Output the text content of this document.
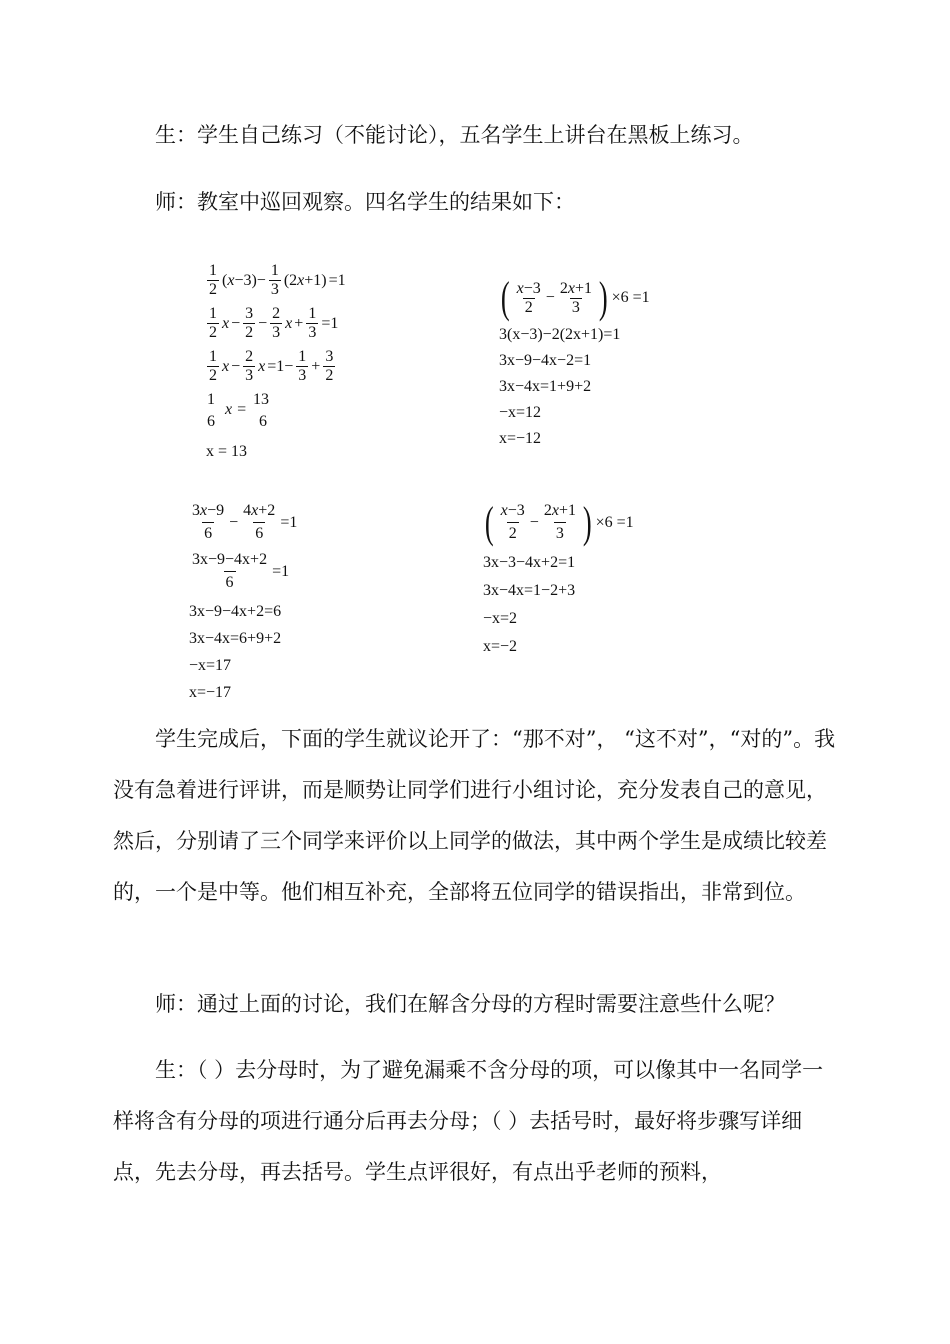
生：学生自己练习（不能讨论），五名学生上讲台在黑板上练习。

师：教室中巡回观察。四名学生的结果如下：

$\frac{1}{2} (x-3)- \frac{1}{3} (2x+1) =1$
$\frac{1}{2}$ $x - \frac{3}{2} - \frac{2}{3}$ $x + \frac{1}{3} =1$
$\frac{1}{2}$ $x - \frac{2}{3}$ $x =1- \frac{1}{3} + \frac{3}{2}$
1
6
x =
13
6
x = 13
( $\frac{x-3}{2} - \frac{2x+1}{3}$ ) ×6 =1
3(x−3)−2(2x+1)=1
3x−9−4x−2=1
3x−4x=1+9+2
−x=12
x=−12
$\frac{3x-9}{6} - \frac{4x+2}{6} =1$
$\frac{3x-9-4x+2}{6} =1$
3x−9−4x+2=6
3x−4x=6+9+2
−x=17
x=−17
( $\frac{x-3}{2} - \frac{2x+1}{3}$ ) ×6 =1
3x−3−4x+2=1
3x−4x=1−2+3
−x=2
x=−2

学生完成后，下面的学生就议论开了：“那不对”， “这不对”，“对的”。我没有急着进行评讲，而是顺势让同学们进行小组讨论，充分发表自己的意见，然后，分别请了三个同学来评价以上同学的做法，其中两个学生是成绩比较差的，一个是中等。他们相互补充，全部将五位同学的错误指出，非常到位。

师：通过上面的讨论，我们在解含分母的方程时需要注意些什么呢？

生：（ ）去分母时，为了避免漏乘不含分母的项，可以像其中一名同学一样将含有分母的项进行通分后再去分母；（ ）去括号时，最好将步骤写详细点，先去分母，再去括号。学生点评很好，有点出乎老师的预料，
